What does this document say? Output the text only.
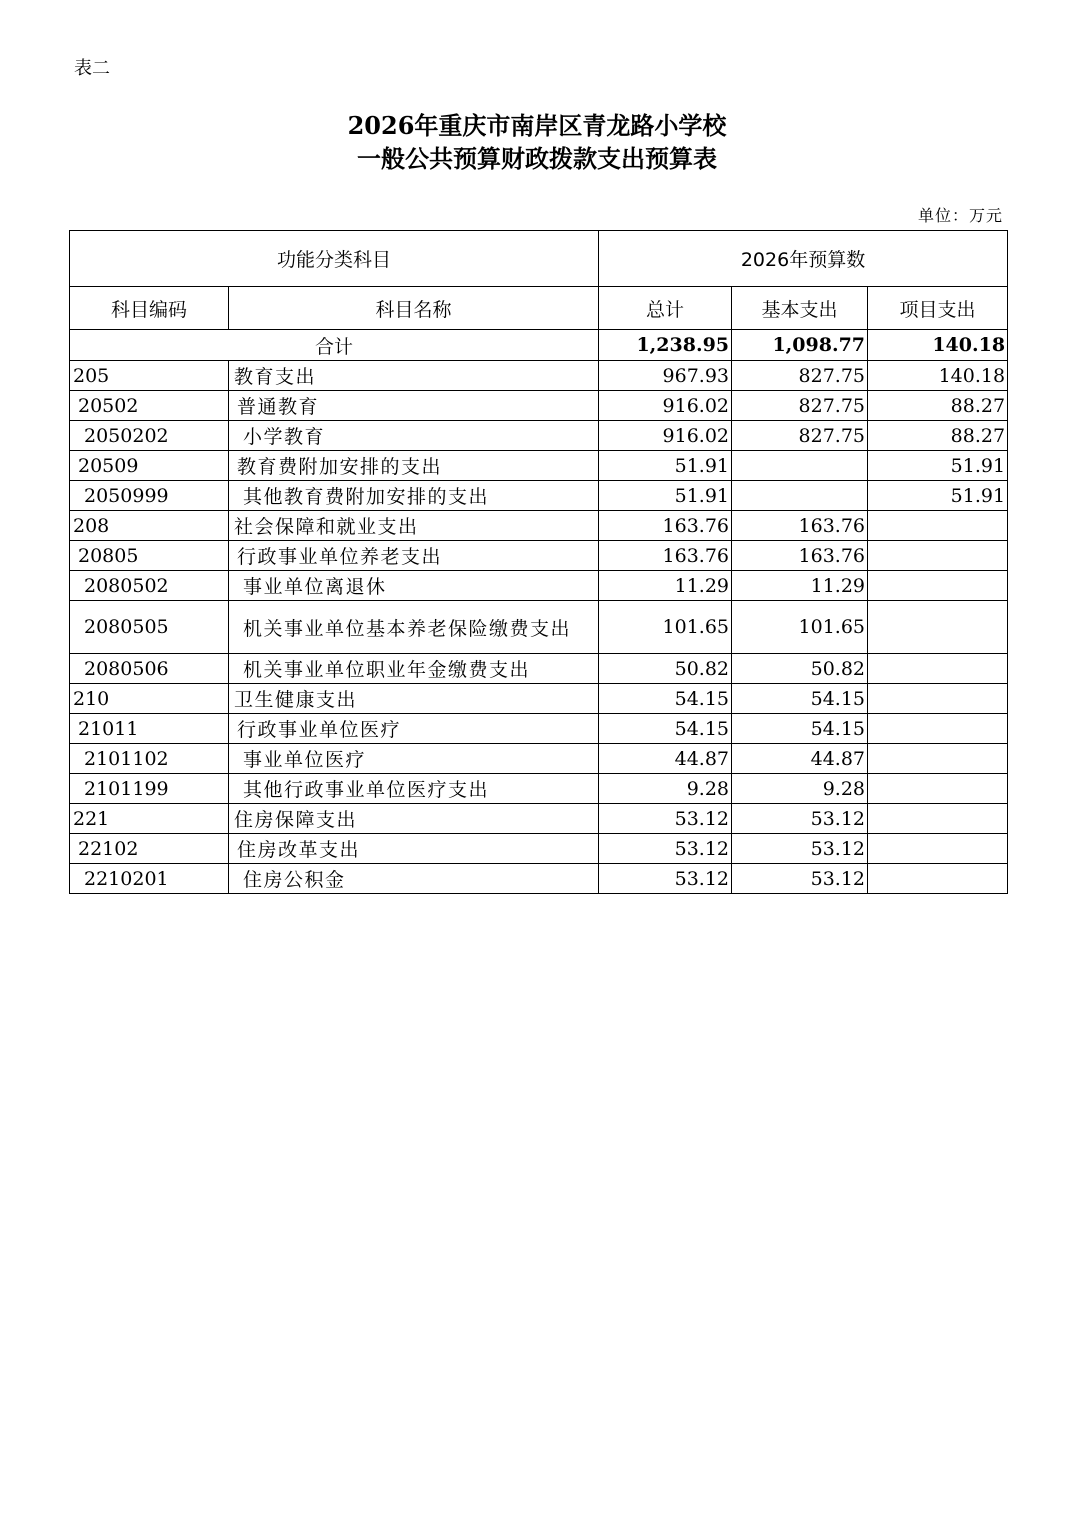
表二
2026年重庆市南岸区青龙路小学校
一般公共预算财政拨款支出预算表
单位：万元
功能分类科目		2026年预算数		
科目编码	科目名称	总计	基本支出	项目支出
合计		1,238.95	1,098.77	140.18
205	教育支出	967.93	827.75	140.18
20502	普通教育	916.02	827.75	88.27
2050202	小学教育	916.02	827.75	88.27
20509	教育费附加安排的支出	51.91		51.91
2050999	其他教育费附加安排的支出	51.91		51.91
208	社会保障和就业支出	163.76	163.76	
20805	行政事业单位养老支出	163.76	163.76	
2080502	事业单位离退休	11.29	11.29	
2080505	机关事业单位基本养老保险缴费支出	101.65	101.65	
2080506	机关事业单位职业年金缴费支出	50.82	50.82	
210	卫生健康支出	54.15	54.15	
21011	行政事业单位医疗	54.15	54.15	
2101102	事业单位医疗	44.87	44.87	
2101199	其他行政事业单位医疗支出	9.28	9.28	
221	住房保障支出	53.12	53.12	
22102	住房改革支出	53.12	53.12	
2210201	住房公积金	53.12	53.12	
